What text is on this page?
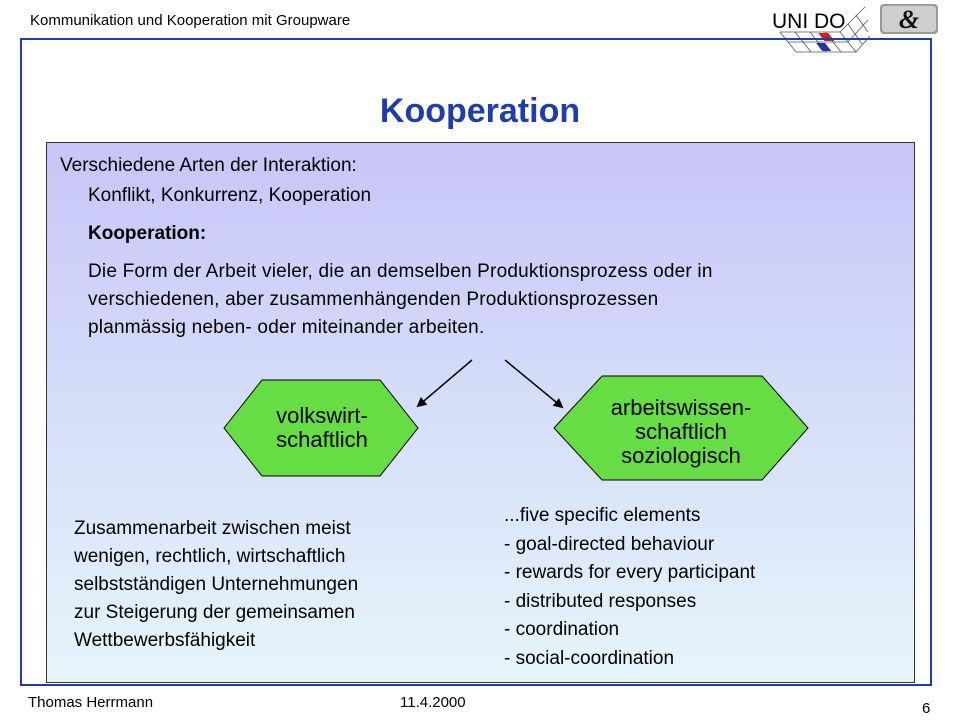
Kommunikation und Kooperation mit Groupware	UNI DO &
Kooperation
Verschiedene Arten der Interaktion:
Konflikt, Konkurrenz, Kooperation
Kooperation:
Die Form der Arbeit vieler, die an demselben Produktionsprozess oder in
verschiedenen, aber zusammenhängenden Produktionsprozessen
planmässig neben- oder miteinander arbeiten.
volkswirt-
schaftlich
arbeitswissen-
schaftlich
soziologisch
Zusammenarbeit zwischen meist
wenigen, rechtlich, wirtschaftlich
selbstständigen Unternehmungen
zur Steigerung der gemeinsamen
Wettbewerbsfähigkeit
...five specific elements
- goal-directed behaviour
- rewards for every participant
- distributed responses
- coordination
- social-coordination
Thomas Herrmann	11.4.2000	6
